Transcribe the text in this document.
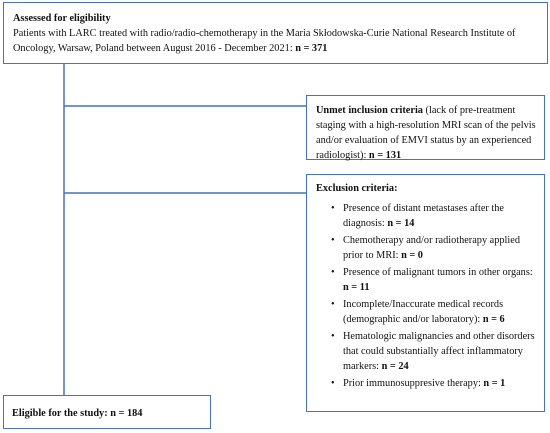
Assessed for eligibility
Patients with LARC treated with radio/radio-chemotherapy in the Maria Skłodowska-Curie National Research Institute of Oncology, Warsaw, Poland between August 2016 - December 2021: n = 371
Unmet inclusion criteria (lack of pre-treatment staging with a high-resolution MRI scan of the pelvis and/or evaluation of EMVI status by an experienced radiologist): n = 131
Exclusion criteria:
• Presence of distant metastases after the diagnosis: n = 14
• Chemotherapy and/or radiotherapy applied prior to MRI: n = 0
• Presence of malignant tumors in other organs: n = 11
• Incomplete/Inaccurate medical records (demographic and/or laboratory): n = 6
• Hematologic malignancies and other disorders that could substantially affect inflammatory markers: n = 24
• Prior immunosuppresive therapy: n = 1
Eligible for the study: n = 184
